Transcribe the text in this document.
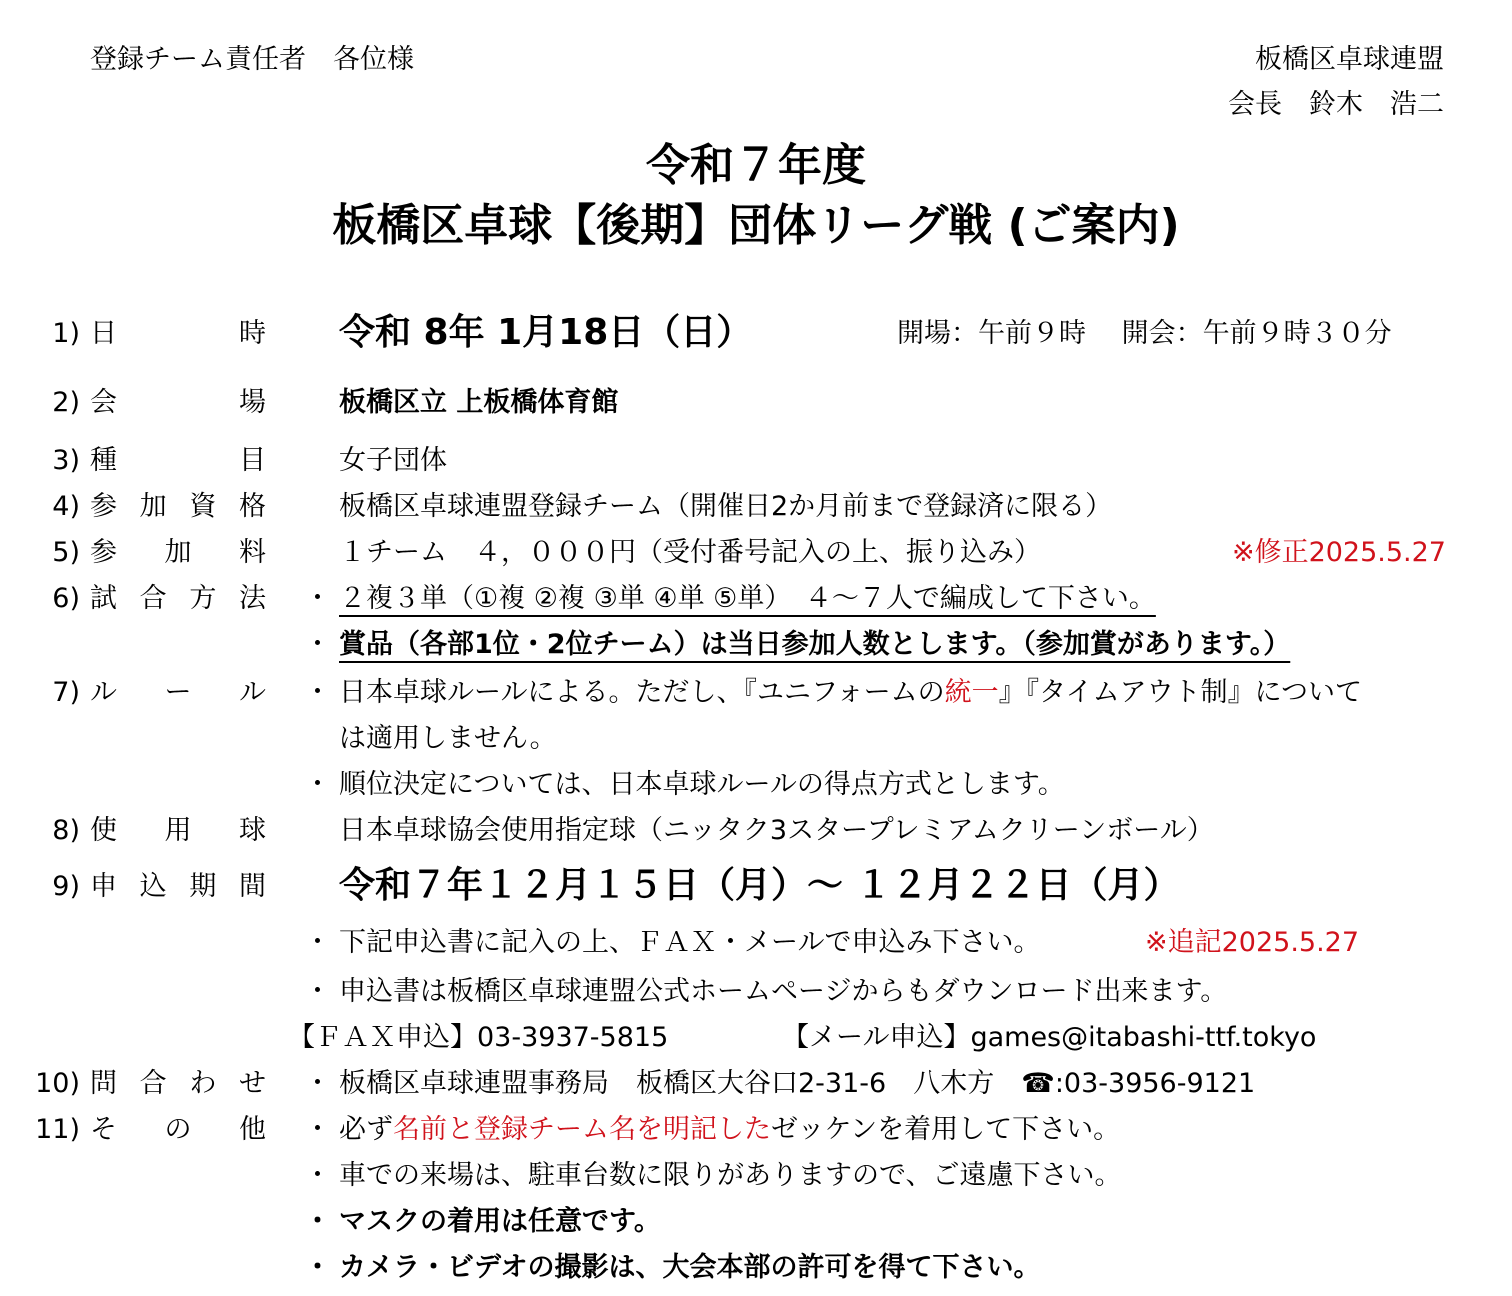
登録チーム責任者　各位様	板橋区卓球連盟
会長　鈴木　浩二
令和７年度
板橋区卓球【後期】団体リーグ戦 (ご案内)
1) 日	時 令和 8年 1月18日（日）	開場：午前９時　 開会：午前９時３０分
2) 会	場	板橋区立 上板橋体育館
3) 種	目	女子団体
4) 参 加 資 格	板橋区卓球連盟登録チーム（開催日2か月前まで登録済に限る）
5) 参 加 料	１チーム　４，０００円（受付番号記入の上、振り込み）	※修正2025.5.27
6) 試 合 方 法 ・ ２複３単（①複 ②複 ③単 ④単 ⑤単）　４～７人で編成して下さい。
・ 賞品（各部1位・2位チーム）は当日参加人数とします。（参加賞があります。）
7) ル ー ル ・ 日本卓球ルールによる。ただし、『ユニフォームの統一』『タイムアウト制』について
は適用しません。
・ 順位決定については、日本卓球ルールの得点方式とします。
8) 使 用 球	日本卓球協会使用指定球（ニッタク3スタープレミアムクリーンボール）
9) 申 込 期 間 令和７年１２月１５日（月）～ １２月２２日（月）
・ 下記申込書に記入の上、ＦＡＸ・メールで申込み下さい。	※追記2025.5.27
・ 申込書は板橋区卓球連盟公式ホームページからもダウンロード出来ます。
【ＦＡＸ申込】03-3937-5815	【メール申込】games@itabashi-ttf.tokyo
10) 問 合 わ せ ・ 板橋区卓球連盟事務局　板橋区大谷口2-31-6　八木方　☎:03-3956-9121
11) そ の 他 ・ 必ず名前と登録チーム名を明記したゼッケンを着用して下さい。
・ 車での来場は、駐車台数に限りがありますので、ご遠慮下さい。
・ マスクの着用は任意です。
・ カメラ・ビデオの撮影は、大会本部の許可を得て下さい。
